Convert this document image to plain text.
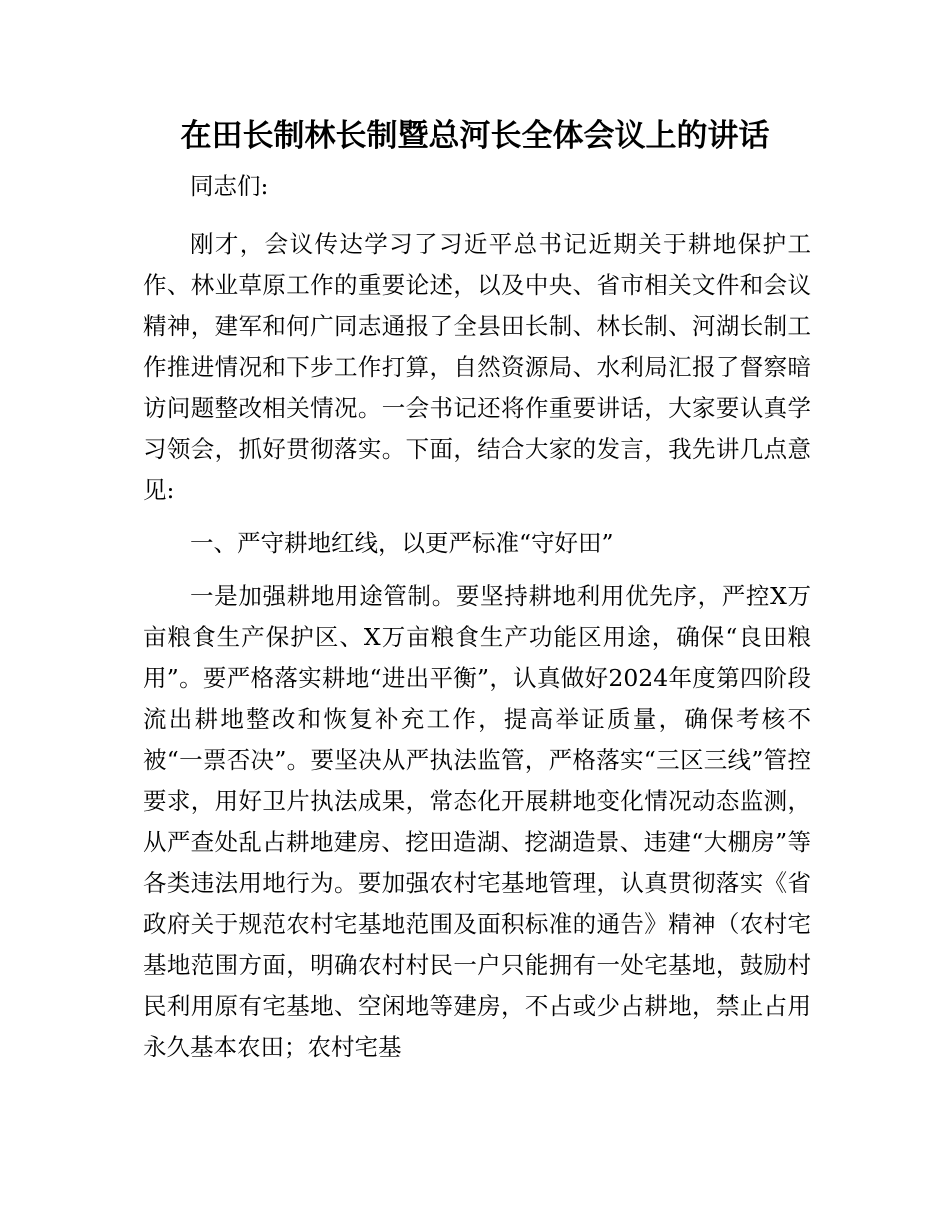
在田长制林长制暨总河长全体会议上的讲话

同志们:

刚才，会议传达学习了习近平总书记近期关于耕地保护工作、林业草原工作的重要论述，以及中央、省市相关文件和会议精神，建军和何广同志通报了全县田长制、林长制、河湖长制工作推进情况和下步工作打算，自然资源局、水利局汇报了督察暗访问题整改相关情况。一会书记还将作重要讲话，大家要认真学习领会，抓好贯彻落实。下面，结合大家的发言，我先讲几点意见:

一、严守耕地红线，以更严标准“守好田”

一是加强耕地用途管制。要坚持耕地利用优先序，严控X万亩粮食生产保护区、X万亩粮食生产功能区用途，确保“良田粮用”。要严格落实耕地“进出平衡”，认真做好2024年度第四阶段流出耕地整改和恢复补充工作，提高举证质量，确保考核不被“一票否决”。要坚决从严执法监管，严格落实“三区三线”管控要求，用好卫片执法成果，常态化开展耕地变化情况动态监测，从严查处乱占耕地建房、挖田造湖、挖湖造景、违建“大棚房”等各类违法用地行为。要加强农村宅基地管理，认真贯彻落实《省政府关于规范农村宅基地范围及面积标准的通告》精神（农村宅基地范围方面，明确农村村民一户只能拥有一处宅基地，鼓励村民利用原有宅基地、空闲地等建房，不占或少占耕地，禁止占用永久基本农田；农村宅基
